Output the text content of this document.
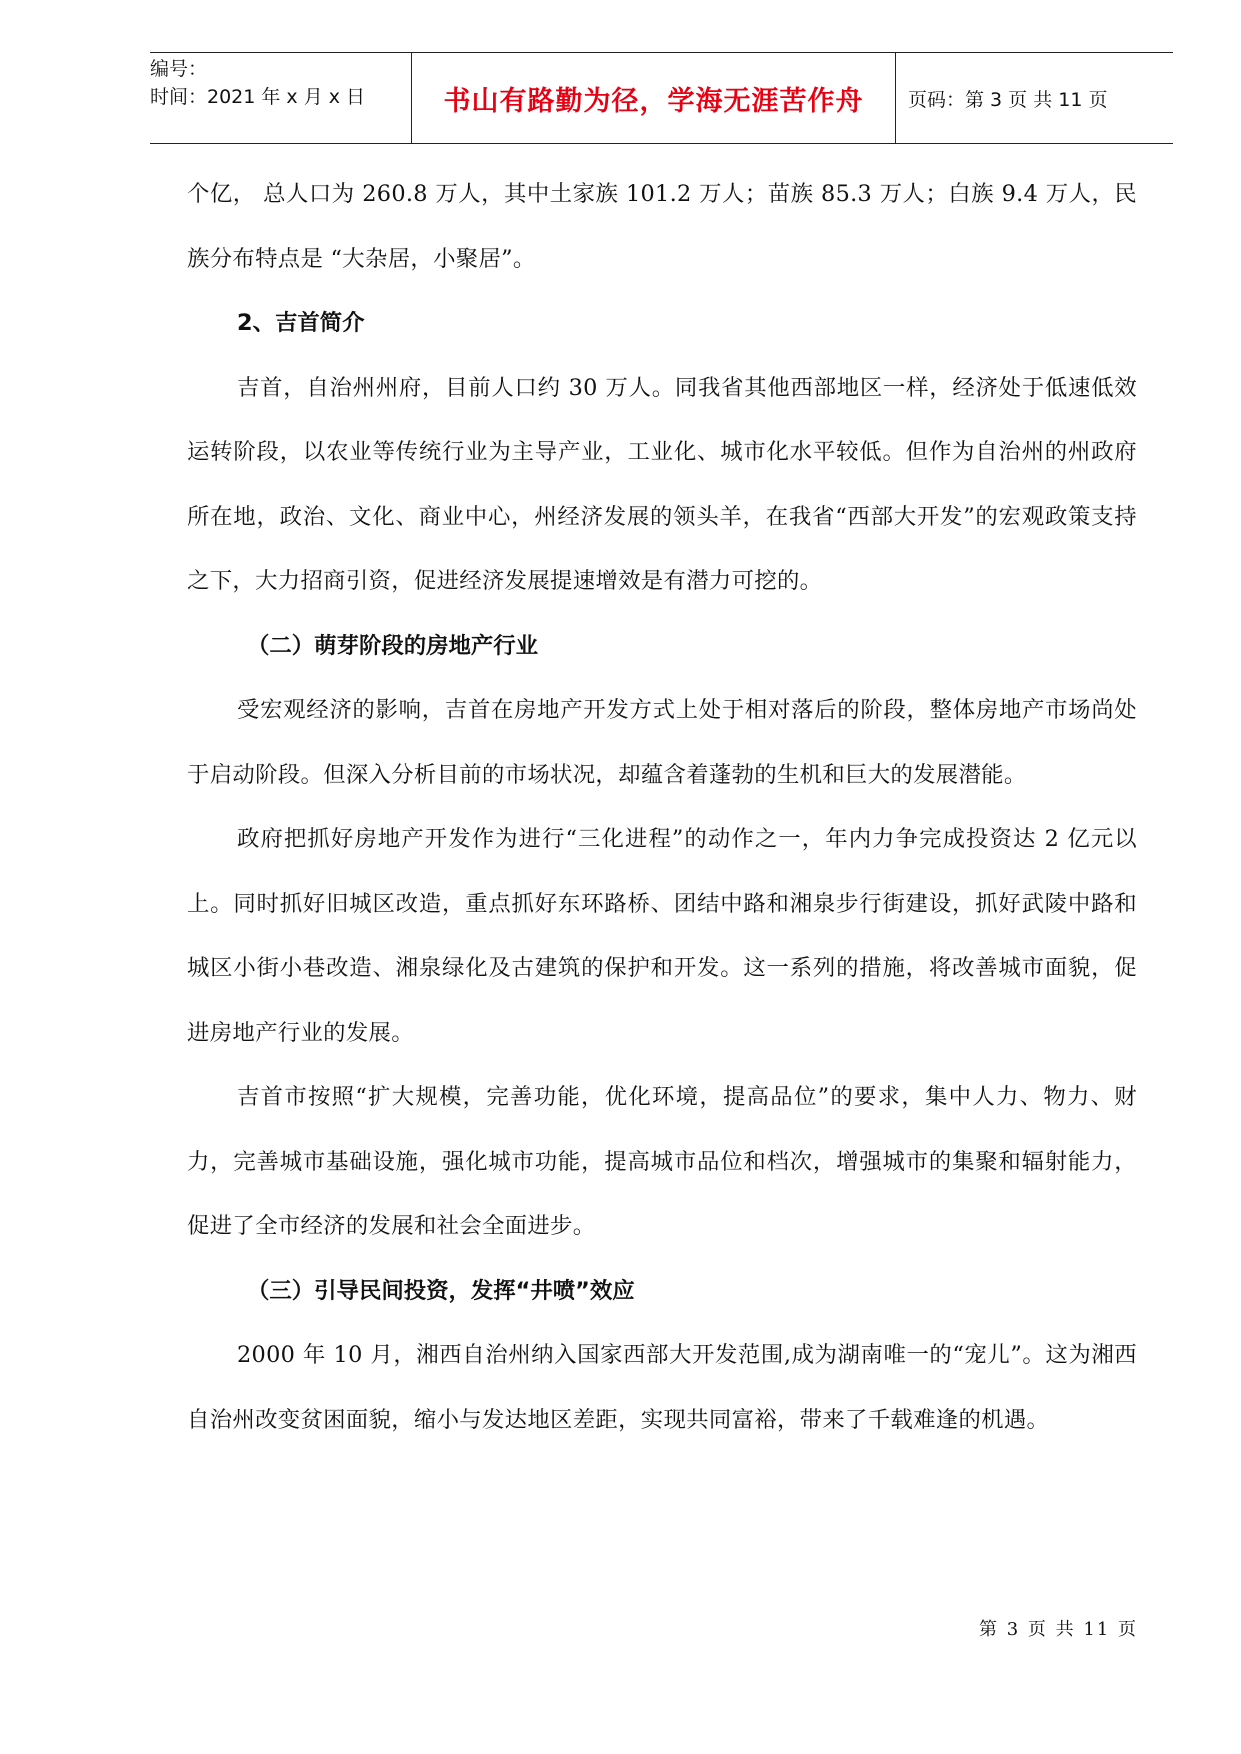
编号：
时间：2021 年 x 月 x 日	书山有路勤为径，学海无涯苦作舟	页码：第 3 页 共 11 页

个亿， 总人口为 260.8 万人，其中土家族 101.2 万人；苗族 85.3 万人；白族 9.4 万人，民族分布特点是 “大杂居，小聚居”。

2、吉首简介

吉首，自治州州府，目前人口约 30 万人。同我省其他西部地区一样，经济处于低速低效运转阶段，以农业等传统行业为主导产业，工业化、城市化水平较低。但作为自治州的州政府所在地，政治、文化、商业中心，州经济发展的领头羊，在我省“西部大开发”的宏观政策支持之下，大力招商引资，促进经济发展提速增效是有潜力可挖的。

（二）萌芽阶段的房地产行业

受宏观经济的影响，吉首在房地产开发方式上处于相对落后的阶段，整体房地产市场尚处于启动阶段。但深入分析目前的市场状况，却蕴含着蓬勃的生机和巨大的发展潜能。

政府把抓好房地产开发作为进行“三化进程”的动作之一，年内力争完成投资达 2 亿元以上。同时抓好旧城区改造，重点抓好东环路桥、团结中路和湘泉步行街建设，抓好武陵中路和城区小街小巷改造、湘泉绿化及古建筑的保护和开发。这一系列的措施，将改善城市面貌，促进房地产行业的发展。

吉首市按照“扩大规模，完善功能，优化环境，提高品位”的要求，集中人力、物力、财力，完善城市基础设施，强化城市功能，提高城市品位和档次，增强城市的集聚和辐射能力，促进了全市经济的发展和社会全面进步。

（三）引导民间投资，发挥“井喷”效应

2000 年 10 月，湘西自治州纳入国家西部大开发范围,成为湖南唯一的“宠儿”。这为湘西自治州改变贫困面貌，缩小与发达地区差距，实现共同富裕，带来了千载难逢的机遇。

第 3 页 共 11 页
